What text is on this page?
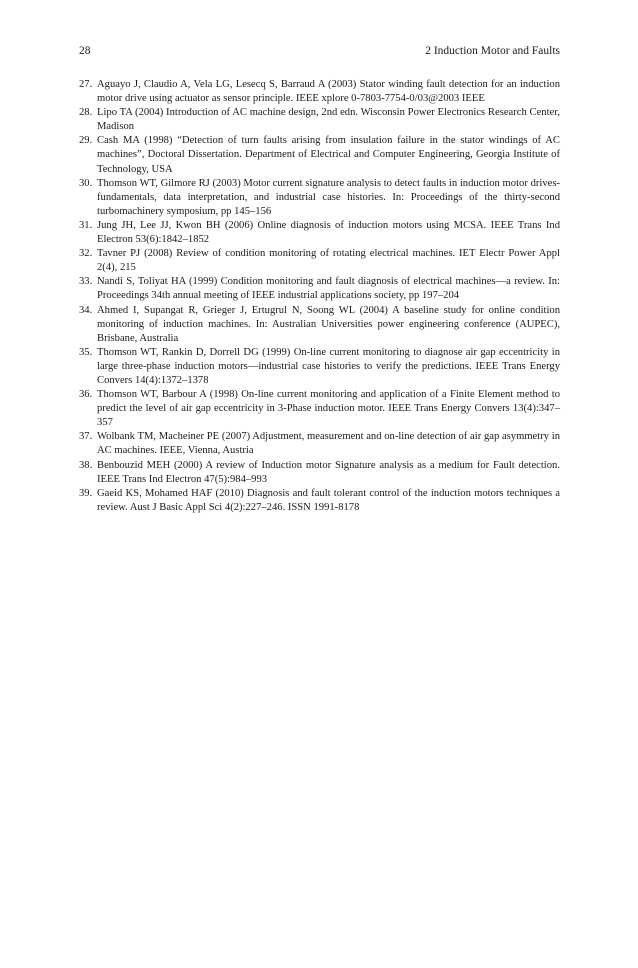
28	2 Induction Motor and Faults
27. Aguayo J, Claudio A, Vela LG, Lesecq S, Barraud A (2003) Stator winding fault detection for an induction motor drive using actuator as sensor principle. IEEE xplore 0-7803-7754-0/03@2003 IEEE
28. Lipo TA (2004) Introduction of AC machine design, 2nd edn. Wisconsin Power Electronics Research Center, Madison
29. Cash MA (1998) “Detection of turn faults arising from insulation failure in the stator windings of AC machines”, Doctoral Dissertation. Department of Electrical and Computer Engineering, Georgia Institute of Technology, USA
30. Thomson WT, Gilmore RJ (2003) Motor current signature analysis to detect faults in induction motor drives-fundamentals, data interpretation, and industrial case histories. In: Proceedings of the thirty-second turbomachinery symposium, pp 145–156
31. Jung JH, Lee JJ, Kwon BH (2006) Online diagnosis of induction motors using MCSA. IEEE Trans Ind Electron 53(6):1842–1852
32. Tavner PJ (2008) Review of condition monitoring of rotating electrical machines. IET Electr Power Appl 2(4), 215
33. Nandi S, Toliyat HA (1999) Condition monitoring and fault diagnosis of electrical machines—a review. In: Proceedings 34th annual meeting of IEEE industrial applications society, pp 197–204
34. Ahmed I, Supangat R, Grieger J, Ertugrul N, Soong WL (2004) A baseline study for online condition monitoring of induction machines. In: Australian Universities power engineering conference (AUPEC), Brisbane, Australia
35. Thomson WT, Rankin D, Dorrell DG (1999) On-line current monitoring to diagnose air gap eccentricity in large three-phase induction motors—industrial case histories to verify the predictions. IEEE Trans Energy Convers 14(4):1372–1378
36. Thomson WT, Barbour A (1998) On-line current monitoring and application of a Finite Element method to predict the level of air gap eccentricity in 3-Phase induction motor. IEEE Trans Energy Convers 13(4):347–357
37. Wolbank TM, Macheiner PE (2007) Adjustment, measurement and on-line detection of air gap asymmetry in AC machines. IEEE, Vienna, Austria
38. Benbouzid MEH (2000) A review of Induction motor Signature analysis as a medium for Fault detection. IEEE Trans Ind Electron 47(5):984–993
39. Gaeid KS, Mohamed HAF (2010) Diagnosis and fault tolerant control of the induction motors techniques a review. Aust J Basic Appl Sci 4(2):227–246. ISSN 1991-8178
